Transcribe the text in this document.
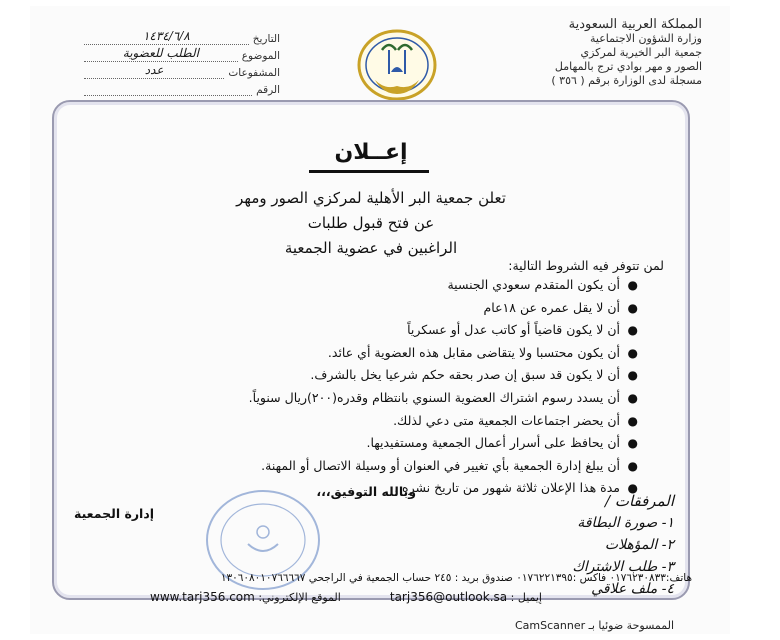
المملكة العربية السعودية
وزارة الشؤون الاجتماعية
جمعية البر الخيرية لمركزي
الصور و مهر بوادي ترج بالمهامل
مسجلة لدى الوزارة برقم ( ٣٥٦ )
التاريخ
١٤٣٤/٦/٨
الموضوع
الطلب للعضوية
المشفوعات
عدد
الرقم
إعــلان
تعلن جمعية البر الأهلية لمركزي الصور ومهر
عن فتح قبول طلبات
الراغبين في عضوية الجمعية
لمن تتوفر فيه الشروط التالية:
●
أن يكون المتقدم سعودي الجنسية
●
أن لا يقل عمره عن ١٨عام
●
أن لا يكون قاضياً أو كاتب عدل أو عسكرياً
●
أن يكون محتسبا ولا يتقاضى مقابل هذه العضوية أي عائد.
●
أن لا يكون قد سبق إن صدر بحقه حكم شرعيا يخل بالشرف.
●
أن يسدد رسوم اشتراك العضوية السنوي بانتظام وقدره(٢٠٠)ريال سنوياً.
●
أن يحضر اجتماعات الجمعية متى دعي لذلك.
●
أن يحافظ على أسرار أعمال الجمعية ومستفيديها.
●
أن يبلغ إدارة الجمعية بأي تغيير في العنوان أو وسيلة الاتصال أو المهنة.
●
مدة هذا الإعلان ثلاثة شهور من تاريخ نشره .
وبالله التوفيق،،،
إدارة الجمعية
المرفقات /
١- صورة البطاقة
٢- المؤهلات
٣- طلب الاشتراك
٤- ملف علاقي
هاتف:٠١٧٦٢٣٠٨٣٣ فاكس :٠١٧٦٢٢١٣٩٥ صندوق بريد : ٢٤٥ حساب الجمعية في الراجحي ١٣٠٦٠٨٠١٠٧٦٦٦٦٧
إيميل : tarj356@outlook.sa
الموقع الإلكتروني: www.tarj356.com
الممسوحة ضوئيا بـ CamScanner
